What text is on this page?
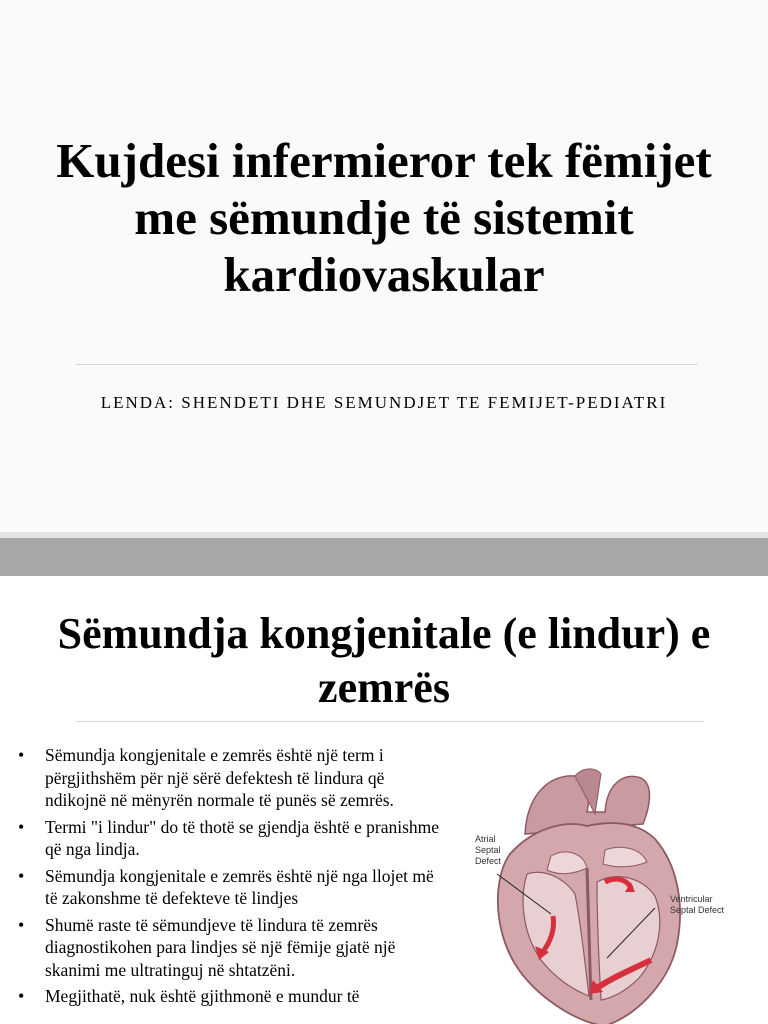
Kujdesi infermieror tek fëmijet me sëmundje të sistemit kardiovaskular

LENDA: SHENDETI DHE SEMUNDJET TE FEMIJET-PEDIATRI

Sëmundja kongjenitale (e lindur) e zemrës
• Sëmundja kongjenitale e zemrës është një term i përgjithshëm për një sërë defektesh të lindura që ndikojnë në mënyrën normale të punës së zemrës.
• Termi "i lindur" do të thotë se gjendja është e pranishme që nga lindja.
• Sëmundja kongjenitale e zemrës është një nga llojet më të zakonshme të defekteve të lindjes
• Shumë raste të sëmundjeve të lindura të zemrës diagnostikohen para lindjes së një fëmije gjatë një skanimi me ultratinguj në shtatzëni.
• Megjithatë, nuk është gjithmonë e mundur të
Atrial
Septal
Defect
Ventricular
Septal Defect
